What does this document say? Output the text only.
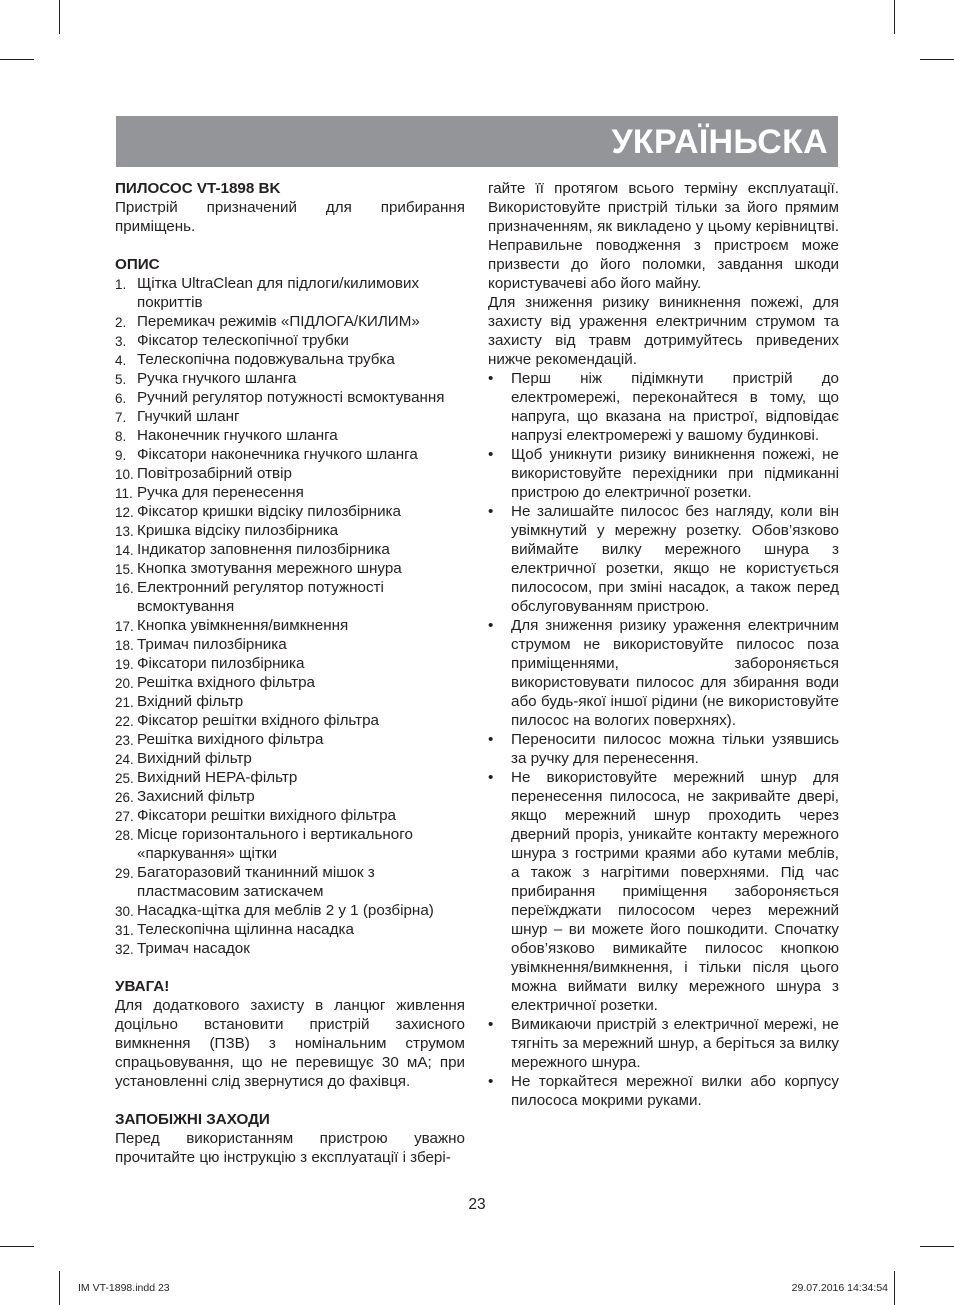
УКРАЇНЬСКА

ПИЛОСОС VT-1898 BK

Пристрій призначений для прибирання приміщень.

ОПИС

1. Щітка UltraClean для підлоги/килимових покриттів
2. Перемикач режимів «ПІДЛОГА/КИЛИМ»
3. Фіксатор телескопічної трубки
4. Телескопічна подовжувальна трубка
5. Ручка гнучкого шланга
6. Ручний регулятор потужності всмоктування
7. Гнучкий шланг
8. Наконечник гнучкого шланга
9. Фіксатори наконечника гнучкого шланга
10. Повітрозабірний отвір
11. Ручка для перенесення
12. Фіксатор кришки відсіку пилозбірника
13. Кришка відсіку пилозбірника
14. Індикатор заповнення пилозбірника
15. Кнопка змотування мережного шнура
16. Електронний регулятор потужності всмоктування
17. Кнопка увімкнення/вимкнення
18. Тримач пилозбірника
19. Фіксатори пилозбірника
20. Решітка вхідного фільтра
21. Вхідний фільтр
22. Фіксатор решітки вхідного фільтра
23. Решітка вихідного фільтра
24. Вихідний фільтр
25. Вихідний НЕРА-фільтр
26. Захисний фільтр
27. Фіксатори решітки вихідного фільтра
28. Місце горизонтального і вертикального «паркування» щітки
29. Багаторазовий тканинний мішок з пластмасовим затискачем
30. Насадка-щітка для меблів 2 у 1 (розбірна)
31. Телескопічна щілинна насадка
32. Тримач насадок

УВАГА!

Для додаткового захисту в ланцюг живлення доцільно встановити пристрій захисного вимкнення (ПЗВ) з номінальним струмом спрацьовування, що не перевищує 30 мА; при установленні слід звернутися до фахівця.

ЗАПОБІЖНІ ЗАХОДИ

Перед використанням пристрою уважно прочитайте цю інструкцію з експлуатації і збері-

гайте її протягом всього терміну експлуатації. Використовуйте пристрій тільки за його прямим призначенням, як викладено у цьому керівництві. Неправильне поводження з пристроєм може призвести до його поломки, завдання шкоди користувачеві або його майну.

Для зниження ризику виникнення пожежі, для захисту від ураження електричним струмом та захисту від травм дотримуйтесь приведених нижче рекомендацій.

• Перш ніж підімкнути пристрій до електромережі, переконайтеся в тому, що напруга, що вказана на пристрої, відповідає напрузі електромережі у вашому будинкові.
• Щоб уникнути ризику виникнення пожежі, не використовуйте перехідники при підмиканні пристрою до електричної розетки.
• Не залишайте пилосос без нагляду, коли він увімкнутий у мережну розетку. Обов’язково виймайте вилку мережного шнура з електричної розетки, якщо не користується пилососом, при зміні насадок, а також перед обслуговуванням пристрою.
• Для зниження ризику ураження електричним струмом не використовуйте пилосос поза приміщеннями, забороняється використовувати пилосос для збирання води або будь-якої іншої рідини (не використовуйте пилосос на вологих поверхнях).
• Переносити пилосос можна тільки узявшись за ручку для перенесення.
• Не використовуйте мережний шнур для перенесення пилососа, не закривайте двері, якщо мережний шнур проходить через дверний проріз, уникайте контакту мережного шнура з гострими краями або кутами меблів, а також з нагрітими поверхнями. Під час прибирання приміщення забороняється переїжджати пилососом через мережний шнур – ви можете його пошкодити. Спочатку обов’язково вимикайте пилосос кнопкою увімкнення/вимкнення, і тільки після цього можна виймати вилку мережного шнура з електричної розетки.
• Вимикаючи пристрій з електричної мережі, не тягніть за мережний шнур, а беріться за вилку мережного шнура.
• Не торкайтеся мережної вилки або корпусу пилососа мокрими руками.
23
IM VT-1898.indd 23	29.07.2016 14:34:54
